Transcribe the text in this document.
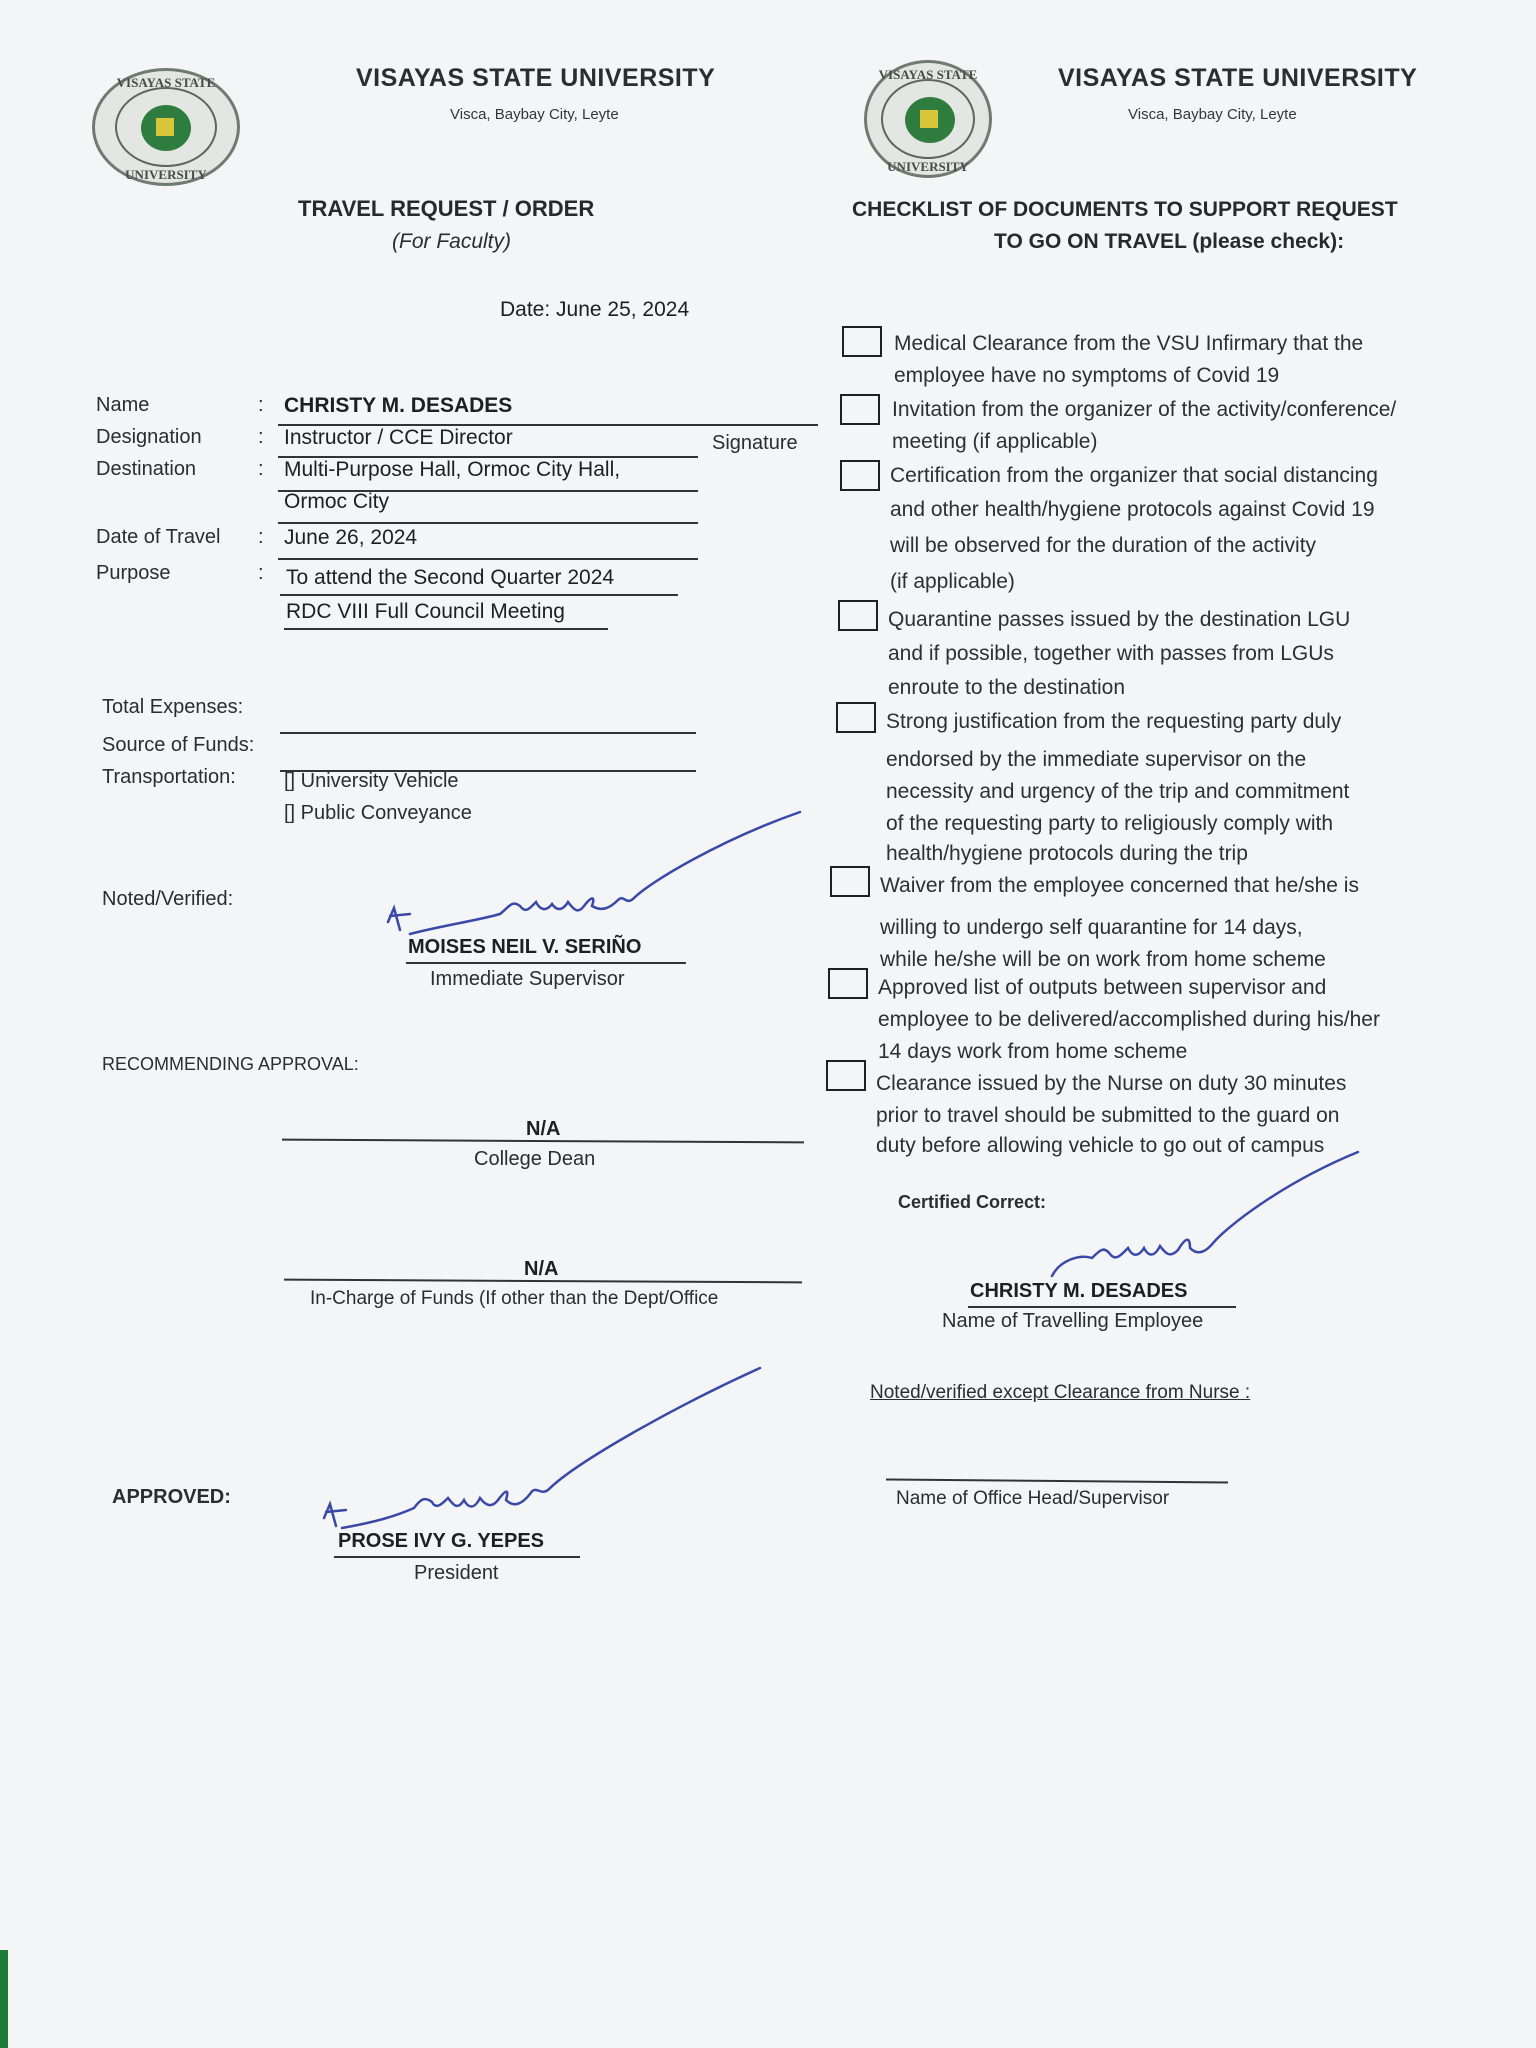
VISAYAS STATE
UNIVERSITY
VISAYAS STATE UNIVERSITY
Visca, Baybay City, Leyte
VISAYAS STATE
UNIVERSITY
VISAYAS STATE UNIVERSITY
Visca, Baybay City, Leyte
TRAVEL REQUEST / ORDER
(For Faculty)
Date: June 25, 2024
Name	: CHRISTY M. DESADES
Designation	: Instructor / CCE Director	Signature
Destination	: Multi-Purpose Hall, Ormoc City Hall,
Ormoc City
Date of Travel : June 26, 2024
Purpose	: To attend the Second Quarter 2024
RDC VIII Full Council Meeting
Total Expenses:
Source of Funds:
Transportation: [] University Vehicle
[] Public Conveyance
Noted/Verified:
MOISES NEIL V. SERIÑO
Immediate Supervisor
RECOMMENDING APPROVAL:
N/A
College Dean
N/A
In-Charge of Funds (If other than the Dept/Office
APPROVED:
PROSE IVY G. YEPES
President
CHECKLIST OF DOCUMENTS TO SUPPORT REQUEST
TO GO ON TRAVEL (please check):
Medical Clearance from the VSU Infirmary that the
employee have no symptoms of Covid 19
Invitation from the organizer of the activity/conference/
meeting (if applicable)
Certification from the organizer that social distancing
and other health/hygiene protocols against Covid 19
will be observed for the duration of the activity
(if applicable)
Quarantine passes issued by the destination LGU
and if possible, together with passes from LGUs
enroute to the destination
Strong justification from the requesting party duly
endorsed by the immediate supervisor on the
necessity and urgency of the trip and commitment
of the requesting party to religiously comply with
health/hygiene protocols during the trip
Waiver from the employee concerned that he/she is
willing to undergo self quarantine for 14 days,
while he/she will be on work from home scheme
Approved list of outputs between supervisor and
employee to be delivered/accomplished during his/her
14 days work from home scheme
Clearance issued by the Nurse on duty 30 minutes
prior to travel should be submitted to the guard on
duty before allowing vehicle to go out of campus
Certified Correct:
CHRISTY M. DESADES
Name of Travelling Employee
Noted/verified except Clearance from Nurse :
Name of Office Head/Supervisor
